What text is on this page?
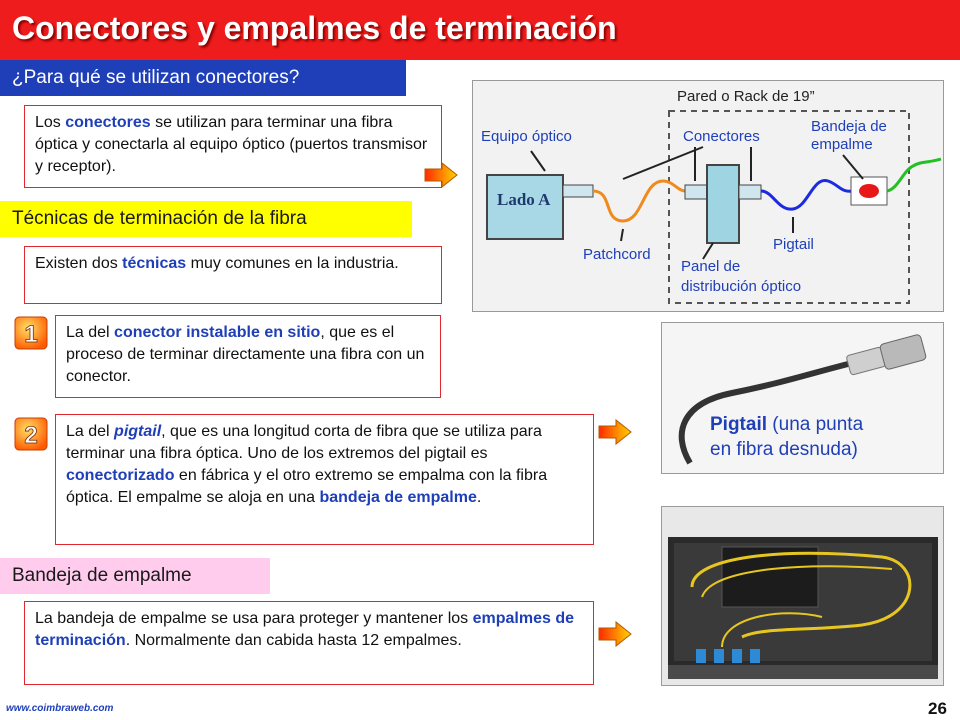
Conectores y empalmes de terminación
¿Para qué se utilizan conectores?
Los conectores se utilizan para terminar una fibra óptica y conectarla al equipo óptico (puertos transmisor y receptor).
Técnicas de terminación de la fibra
Existen dos técnicas muy comunes en la industria.
1	La del conector instalable en sitio, que es el proceso de terminar directamente una fibra con un conector.
2	La del pigtail, que es una longitud corta de fibra que se utiliza para terminar una fibra óptica. Uno de los extremos del pigtail es conectorizado en fábrica y el otro extremo se empalma con la fibra óptica. El empalme se aloja en una bandeja de empalme.
Bandeja de empalme
La bandeja de empalme se usa para proteger y mantener los empalmes de terminación. Normalmente dan cabida hasta 12 empalmes.
Pared o Rack de 19”
Equipo óptico	Conectores
Bandeja de
empalme
Lado A
Patchcord
Pigtail
Panel de
distribución óptico
Pigtail (una punta
en fibra desnuda)
www.coimbraweb.com	26
